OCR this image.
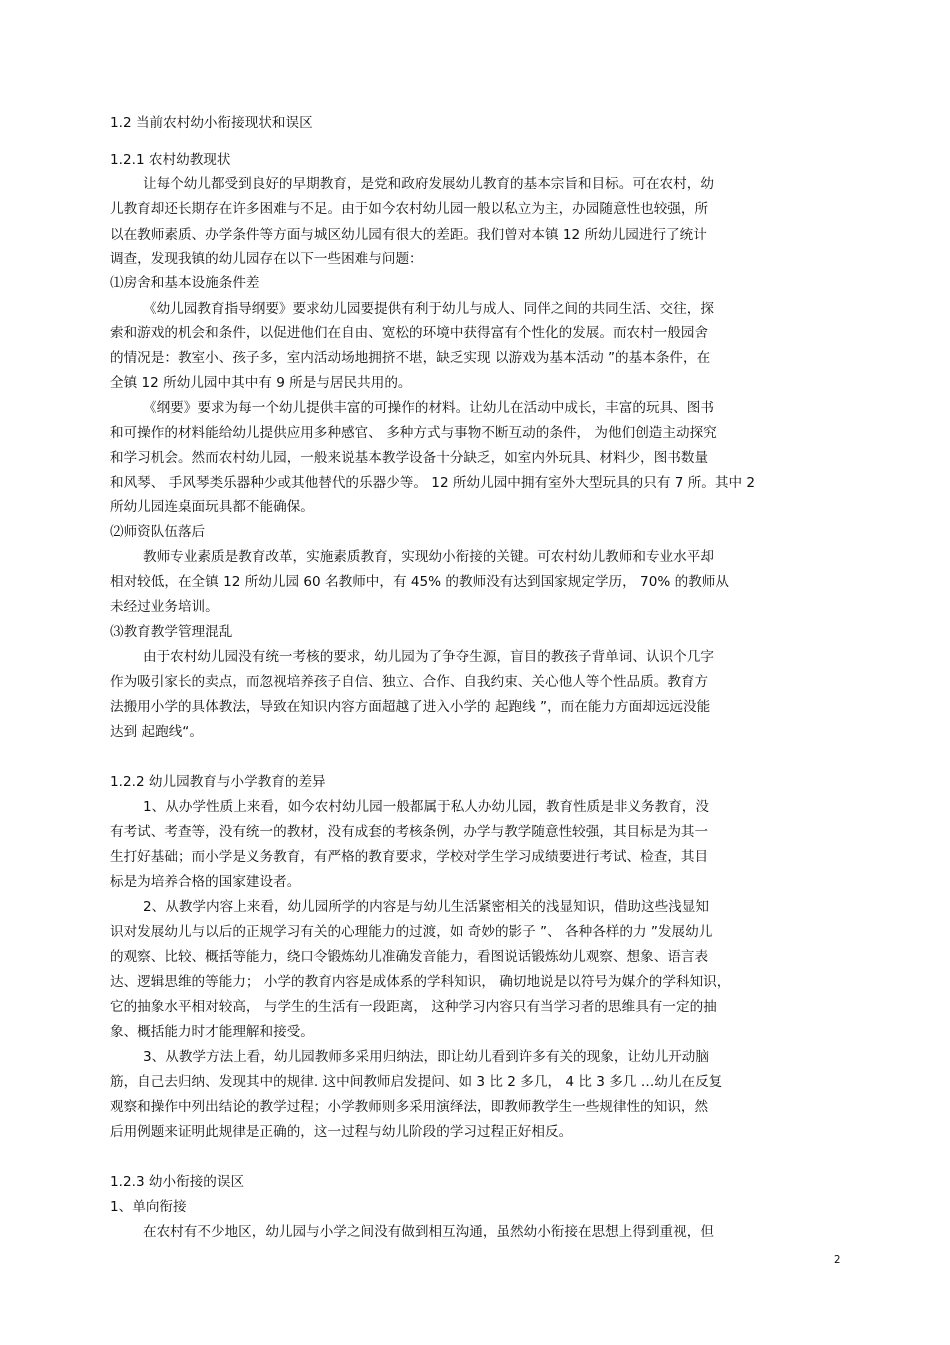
1.2 当前农村幼小衔接现状和误区
1.2.1 农村幼教现状
让每个幼儿都受到良好的早期教育，是党和政府发展幼儿教育的基本宗旨和目标。可在农村，幼
儿教育却还长期存在许多困难与不足。由于如今农村幼儿园一般以私立为主，办园随意性也较强，所
以在教师素质、办学条件等方面与城区幼儿园有很大的差距。我们曾对本镇 12 所幼儿园进行了统计
调查，发现我镇的幼儿园存在以下一些困难与问题：
⑴房舍和基本设施条件差
《幼儿园教育指导纲要》要求幼儿园要提供有利于幼儿与成人、同伴之间的共同生活、交往，探
索和游戏的机会和条件，以促进他们在自由、宽松的环境中获得富有个性化的发展。而农村一般园舍
的情况是：教室小、孩子多，室内活动场地拥挤不堪，缺乏实现 以游戏为基本活动 ”的基本条件，在
全镇 12 所幼儿园中其中有 9 所是与居民共用的。
《纲要》要求为每一个幼儿提供丰富的可操作的材料。让幼儿在活动中成长，丰富的玩具、图书
和可操作的材料能给幼儿提供应用多种感官、 多种方式与事物不断互动的条件， 为他们创造主动探究
和学习机会。然而农村幼儿园，一般来说基本教学设备十分缺乏，如室内外玩具、材料少，图书数量
和风琴、 手风琴类乐器种少或其他替代的乐器少等。 12 所幼儿园中拥有室外大型玩具的只有 7 所。其中 2
所幼儿园连桌面玩具都不能确保。
⑵师资队伍落后
教师专业素质是教育改革，实施素质教育，实现幼小衔接的关键。可农村幼儿教师和专业水平却
相对较低，在全镇 12 所幼儿园 60 名教师中，有 45% 的教师没有达到国家规定学历， 70% 的教师从
未经过业务培训。
⑶教育教学管理混乱
由于农村幼儿园没有统一考核的要求，幼儿园为了争夺生源，盲目的教孩子背单词、认识个几字
作为吸引家长的卖点，而忽视培养孩子自信、独立、合作、自我约束、关心他人等个性品质。教育方
法搬用小学的具体教法，导致在知识内容方面超越了进入小学的 起跑线 ”，而在能力方面却远远没能
达到 起跑线“。
1.2.2 幼儿园教育与小学教育的差异
1、从办学性质上来看，如今农村幼儿园一般都属于私人办幼儿园，教育性质是非义务教育，没
有考试、考查等，没有统一的教材，没有成套的考核条例，办学与教学随意性较强，其目标是为其一
生打好基础；而小学是义务教育，有严格的教育要求，学校对学生学习成绩要进行考试、检查，其目
标是为培养合格的国家建设者。
2、从教学内容上来看，幼儿园所学的内容是与幼儿生活紧密相关的浅显知识，借助这些浅显知
识对发展幼儿与以后的正规学习有关的心理能力的过渡，如 奇妙的影子 ”、 各种各样的力 ”发展幼儿
的观察、比较、概括等能力，绕口令锻炼幼儿准确发音能力，看图说话锻炼幼儿观察、想象、语言表
达、逻辑思维的等能力； 小学的教育内容是成体系的学科知识， 确切地说是以符号为媒介的学科知识，
它的抽象水平相对较高， 与学生的生活有一段距离， 这种学习内容只有当学习者的思维具有一定的抽
象、概括能力时才能理解和接受。
3、从教学方法上看，幼儿园教师多采用归纳法，即让幼儿看到许多有关的现象，让幼儿开动脑
筋，自己去归纳、发现其中的规律. 这中间教师启发提问、如 3 比 2 多几， 4 比 3 多几 …幼儿在反复
观察和操作中列出结论的教学过程；小学教师则多采用演绎法，即教师教学生一些规律性的知识，然
后用例题来证明此规律是正确的，这一过程与幼儿阶段的学习过程正好相反。
1.2.3 幼小衔接的误区
1、单向衔接
在农村有不少地区，幼儿园与小学之间没有做到相互沟通，虽然幼小衔接在思想上得到重视，但
2
